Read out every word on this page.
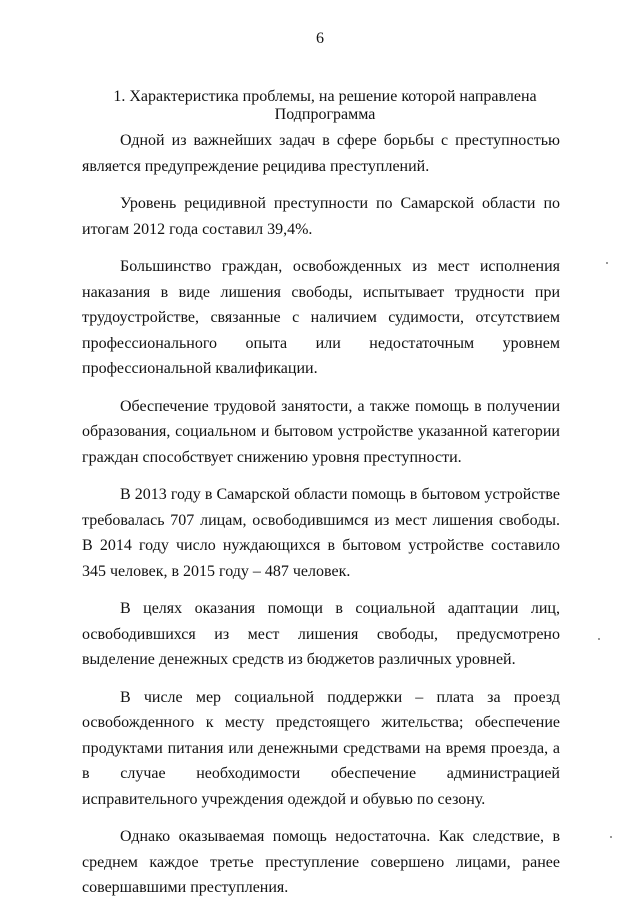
6
1. Характеристика проблемы, на решение которой направлена Подпрограмма

Одной из важнейших задач в сфере борьбы с преступностью является предупреждение рецидива преступлений.

Уровень рецидивной преступности по Самарской области по итогам 2012 года составил 39,4%.

Большинство граждан, освобожденных из мест исполнения наказания в виде лишения свободы, испытывает трудности при трудоустройстве, связанные с наличием судимости, отсутствием профессионального опыта или недостаточным уровнем профессиональной квалификации.

Обеспечение трудовой занятости, а также помощь в получении образования, социальном и бытовом устройстве указанной категории граждан способствует снижению уровня преступности.

В 2013 году в Самарской области помощь в бытовом устройстве требовалась 707 лицам, освободившимся из мест лишения свободы. В 2014 году число нуждающихся в бытовом устройстве составило 345 человек, в 2015 году – 487 человек.

В целях оказания помощи в социальной адаптации лиц, освободившихся из мест лишения свободы, предусмотрено выделение денежных средств из бюджетов различных уровней.

В числе мер социальной поддержки – плата за проезд освобожденного к месту предстоящего жительства; обеспечение продуктами питания или денежными средствами на время проезда, а в случае необходимости обеспечение администрацией исправительного учреждения одеждой и обувью по сезону.

Однако оказываемая помощь недостаточна. Как следствие, в среднем каждое третье преступление совершено лицами, ранее совершавшими преступления.
